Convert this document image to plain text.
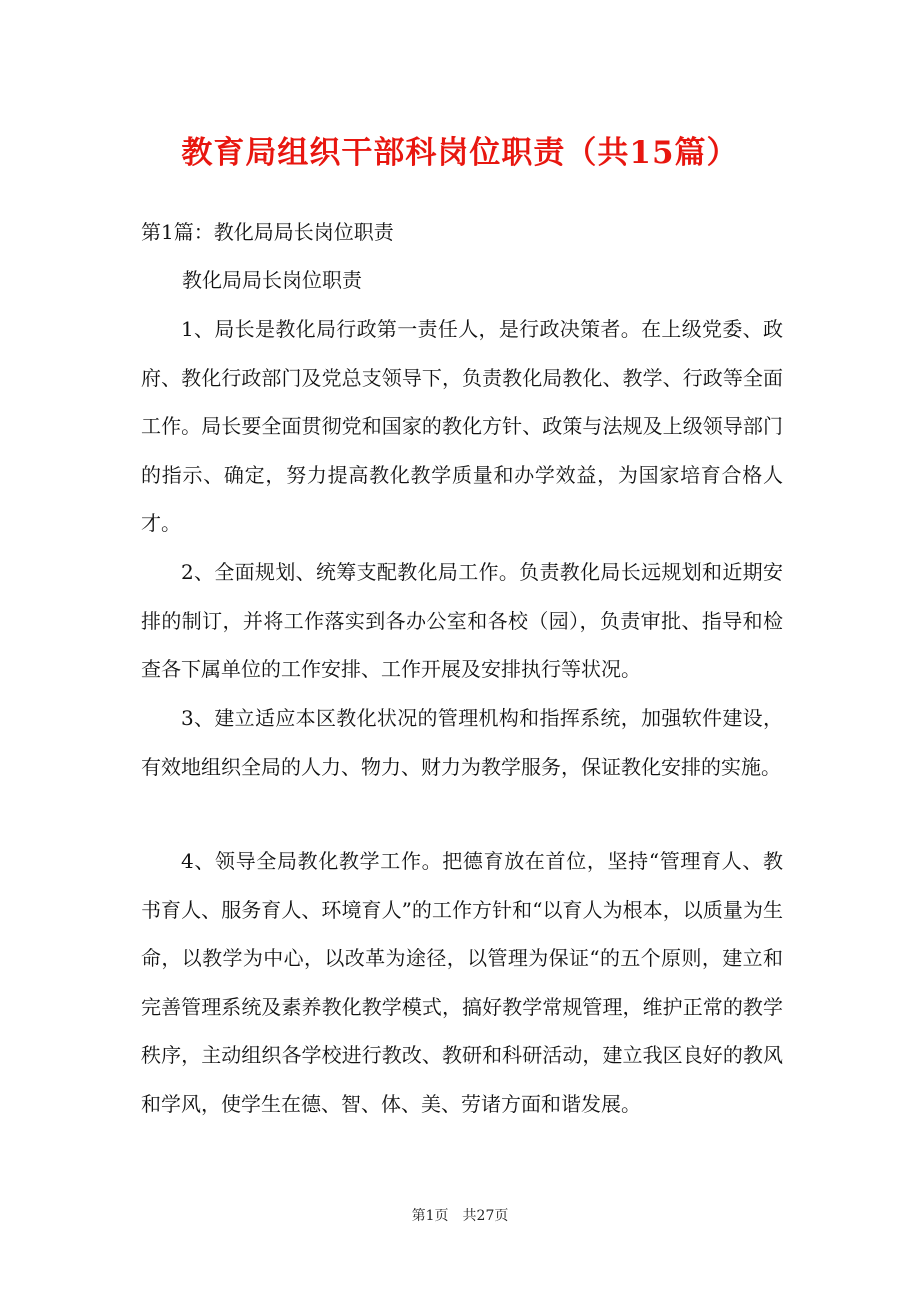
教育局组织干部科岗位职责（共15篇）
第1篇：教化局局长岗位职责
教化局局长岗位职责

1、局长是教化局行政第一责任人，是行政决策者。在上级党委、政府、教化行政部门及党总支领导下，负责教化局教化、教学、行政等全面工作。局长要全面贯彻党和国家的教化方针、政策与法规及上级领导部门的指示、确定，努力提高教化教学质量和办学效益，为国家培育合格人才。

2、全面规划、统筹支配教化局工作。负责教化局长远规划和近期安排的制订，并将工作落实到各办公室和各校（园），负责审批、指导和检查各下属单位的工作安排、工作开展及安排执行等状况。

3、建立适应本区教化状况的管理机构和指挥系统，加强软件建设，有效地组织全局的人力、物力、财力为教学服务，保证教化安排的实施。

4、领导全局教化教学工作。把德育放在首位，坚持“管理育人、教书育人、服务育人、环境育人”的工作方针和“以育人为根本，以质量为生命，以教学为中心，以改革为途径，以管理为保证“的五个原则，建立和完善管理系统及素养教化教学模式，搞好教学常规管理，维护正常的教学秩序，主动组织各学校进行教改、教研和科研活动，建立我区良好的教风和学风，使学生在德、智、体、美、劳诸方面和谐发展。

第1页 共27页
